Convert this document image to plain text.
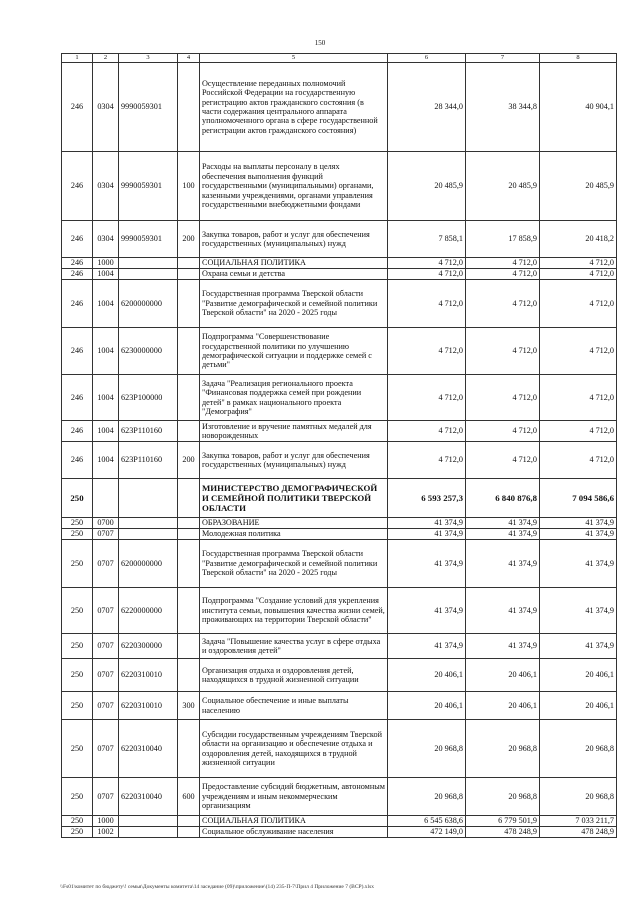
150
1	2	3	4	5	6	7	8
246	0304	9990059301		Осуществление переданных полномочий Российской Федерации на государственную регистрацию актов гражданского состояния (в части содержания центрального аппарата уполномоченного органа в сфере государственной регистрации актов гражданского состояния)	28 344,0	38 344,8	40 904,1
246	0304	9990059301	100	Расходы на выплаты персоналу в целях обеспечения выполнения функций государственными (муниципальными) органами, казенными учреждениями, органами управления государственными внебюджетными фондами	20 485,9	20 485,9	20 485,9
246	0304	9990059301	200	Закупка товаров, работ и услуг для обеспечения государственных (муниципальных) нужд	7 858,1	17 858,9	20 418,2
246	1000			СОЦИАЛЬНАЯ ПОЛИТИКА	4 712,0	4 712,0	4 712,0
246	1004			Охрана семьи и детства	4 712,0	4 712,0	4 712,0
246	1004	6200000000		Государственная программа Тверской области "Развитие демографической и семейной политики Тверской области" на 2020 - 2025 годы	4 712,0	4 712,0	4 712,0
246	1004	6230000000		Подпрограмма "Совершенствование государственной политики по улучшению демографической ситуации и поддержке семей с детьми"	4 712,0	4 712,0	4 712,0
246	1004	623P100000		Задача "Реализация регионального проекта "Финансовая поддержка семей при рождении детей" в рамках национального проекта "Демография"	4 712,0	4 712,0	4 712,0
246	1004	623P110160		Изготовление и вручение памятных медалей для новорожденных	4 712,0	4 712,0	4 712,0
246	1004	623P110160	200	Закупка товаров, работ и услуг для обеспечения государственных (муниципальных) нужд	4 712,0	4 712,0	4 712,0
250				МИНИСТЕРСТВО ДЕМОГРАФИЧЕСКОЙ И СЕМЕЙНОЙ ПОЛИТИКИ ТВЕРСКОЙ ОБЛАСТИ	6 593 257,3	6 840 876,8	7 094 586,6
250	0700			ОБРАЗОВАНИЕ	41 374,9	41 374,9	41 374,9
250	0707			Молодежная политика	41 374,9	41 374,9	41 374,9
250	0707	6200000000		Государственная программа Тверской области "Развитие демографической и семейной политики Тверской области" на 2020 - 2025 годы	41 374,9	41 374,9	41 374,9
250	0707	6220000000		Подпрограмма "Создание условий для укрепления института семьи, повышения качества жизни семей, проживающих на территории Тверской области"	41 374,9	41 374,9	41 374,9
250	0707	6220300000		Задача "Повышение качества услуг в сфере отдыха и оздоровления детей"	41 374,9	41 374,9	41 374,9
250	0707	6220310010		Организация отдыха и оздоровления детей, находящихся в трудной жизненной ситуации	20 406,1	20 406,1	20 406,1
250	0707	6220310010	300	Социальное обеспечение и иные выплаты населению	20 406,1	20 406,1	20 406,1
250	0707	6220310040		Субсидии государственным учреждениям Тверской области на организацию и обеспечение отдыха и оздоровления детей, находящихся в трудной жизненной ситуации	20 968,8	20 968,8	20 968,8
250	0707	6220310040	600	Предоставление субсидий бюджетным, автономным учреждениям и иным некоммерческим организациям	20 968,8	20 968,8	20 968,8
250	1000			СОЦИАЛЬНАЯ ПОЛИТИКА	6 545 638,6	6 779 501,9	7 033 211,7
250	1002			Социальное обслуживание населения	472 149,0	478 248,9	478 248,9
\\Fs01\комитет по бюджету\! семья\Документы комитета\14 заседание (09)\приложение\(14) 235-П-7\Прил 4 Приложение 7 (ВСР).xlsx
